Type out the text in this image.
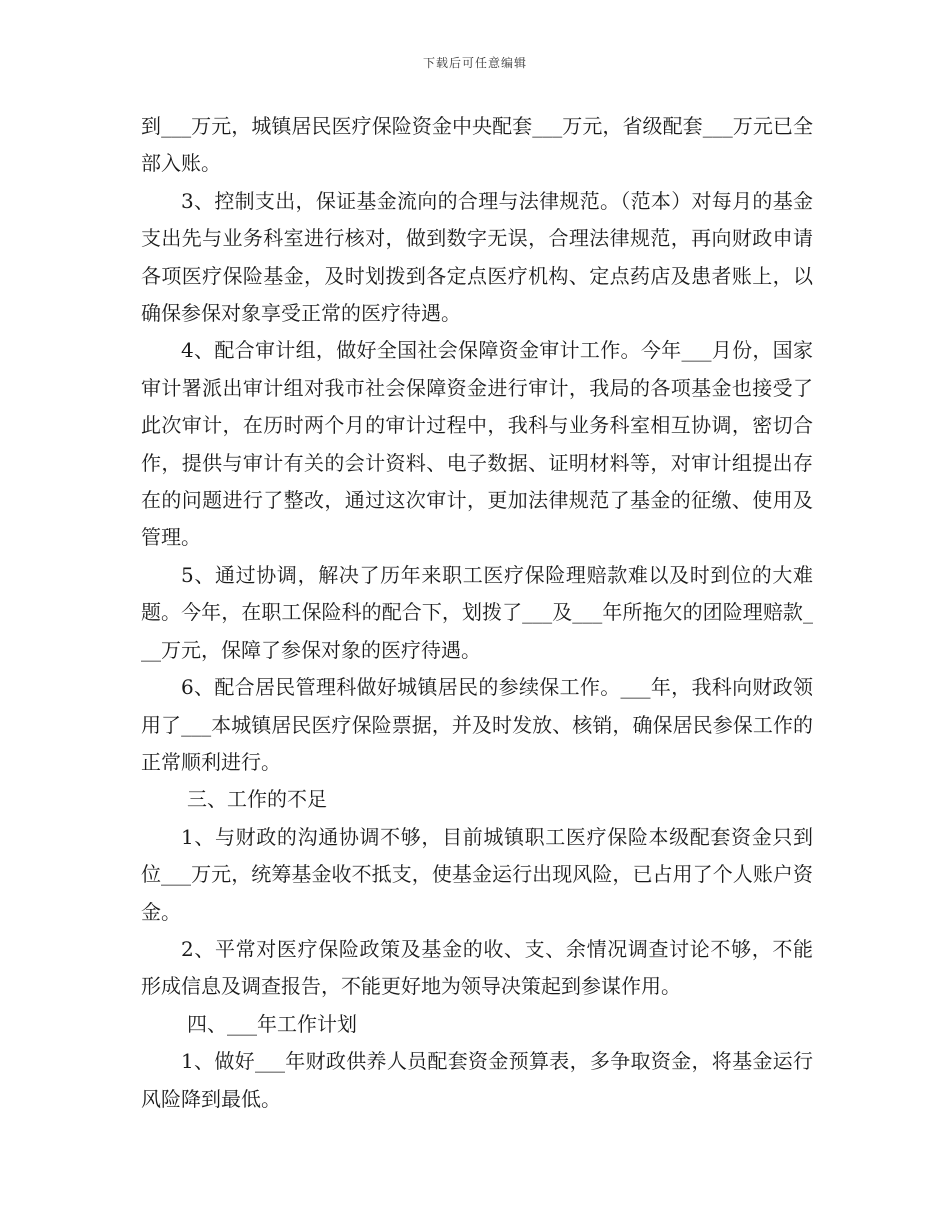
下载后可任意编辑

到___万元，城镇居民医疗保险资金中央配套___万元，省级配套___万元已全部入账。

3、控制支出，保证基金流向的合理与法律规范。（范本）对每月的基金支出先与业务科室进行核对，做到数字无误，合理法律规范，再向财政申请各项医疗保险基金，及时划拨到各定点医疗机构、定点药店及患者账上，以确保参保对象享受正常的医疗待遇。

4、配合审计组，做好全国社会保障资金审计工作。今年___月份，国家审计署派出审计组对我市社会保障资金进行审计，我局的各项基金也接受了此次审计，在历时两个月的审计过程中，我科与业务科室相互协调，密切合作，提供与审计有关的会计资料、电子数据、证明材料等，对审计组提出存在的问题进行了整改，通过这次审计，更加法律规范了基金的征缴、使用及管理。

5、通过协调，解决了历年来职工医疗保险理赔款难以及时到位的大难题。今年，在职工保险科的配合下，划拨了___及___年所拖欠的团险理赔款___万元，保障了参保对象的医疗待遇。

6、配合居民管理科做好城镇居民的参续保工作。___年，我科向财政领用了___本城镇居民医疗保险票据，并及时发放、核销，确保居民参保工作的正常顺利进行。

三、工作的不足

1、与财政的沟通协调不够，目前城镇职工医疗保险本级配套资金只到位___万元，统筹基金收不抵支，使基金运行出现风险，已占用了个人账户资金。

2、平常对医疗保险政策及基金的收、支、余情况调查讨论不够，不能形成信息及调查报告，不能更好地为领导决策起到参谋作用。

四、___年工作计划

1、做好___年财政供养人员配套资金预算表，多争取资金，将基金运行风险降到最低。
